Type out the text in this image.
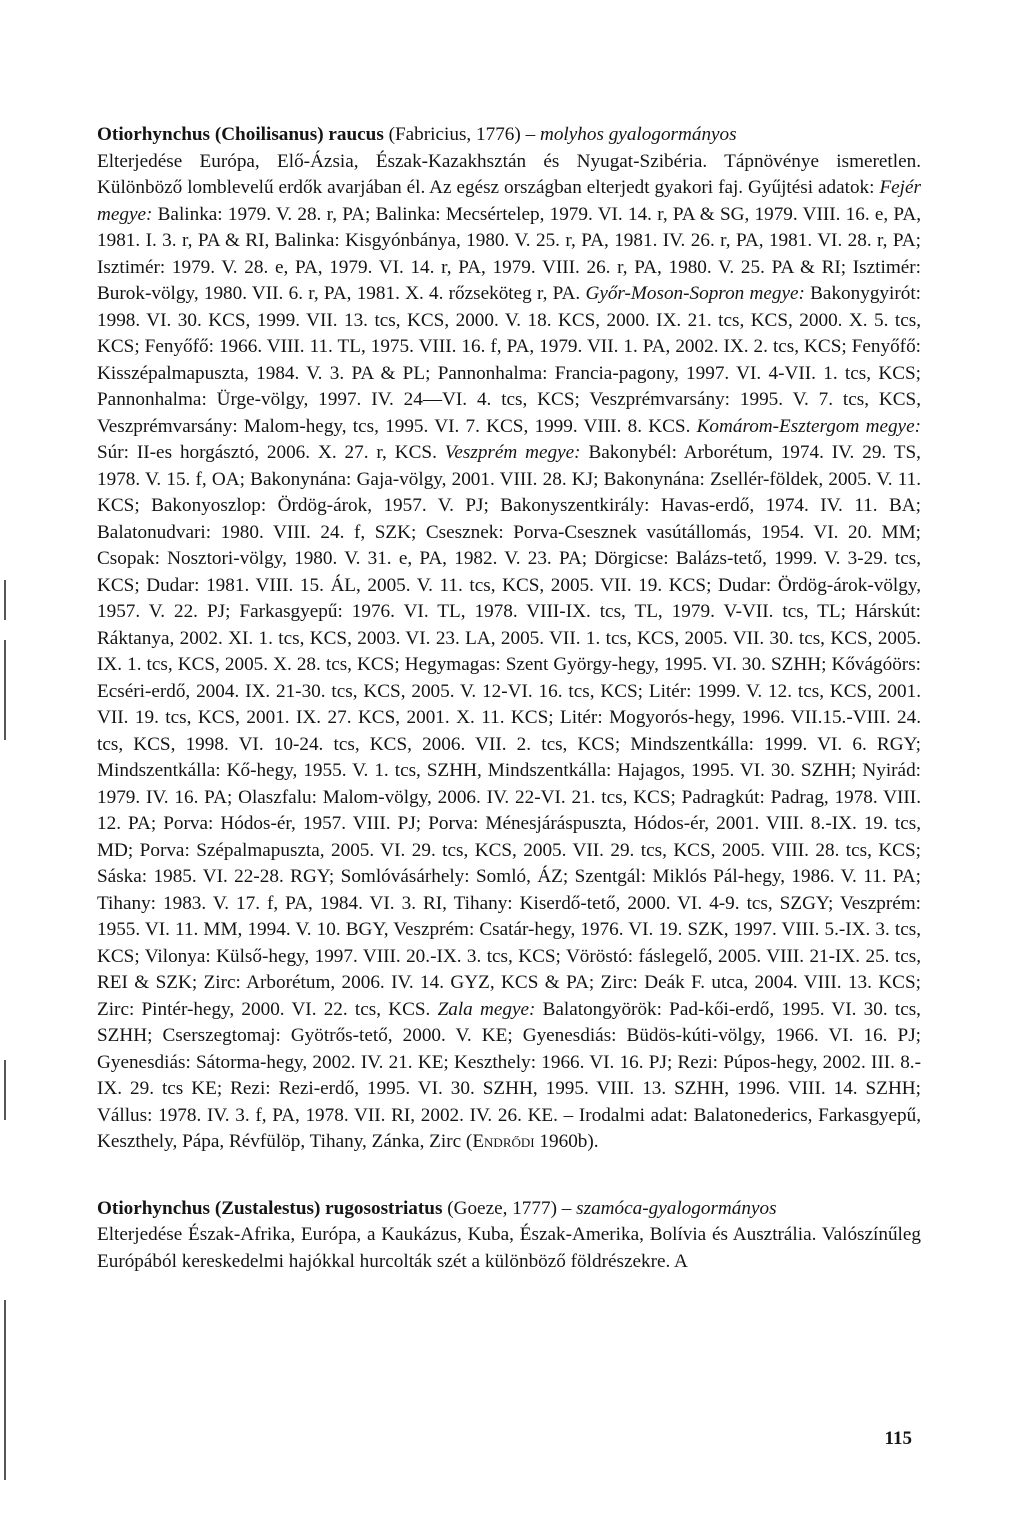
Otiorhynchus (Choilisanus) raucus (Fabricius, 1776) – molyhos gyalogormányos

Elterjedése Európa, Elő-Ázsia, Észak-Kazakhsztán és Nyugat-Szibéria. Tápnövénye ismeretlen. Különböző lomblevelű erdők avarjában él. Az egész országban elterjedt gyakori faj. Gyűjtési adatok: Fejér megye: Balinka: 1979. V. 28. r, PA; Balinka: Mecsértelep, 1979. VI. 14. r, PA & SG, 1979. VIII. 16. e, PA, 1981. I. 3. r, PA & RI, Balinka: Kisgyónbánya, 1980. V. 25. r, PA, 1981. IV. 26. r, PA, 1981. VI. 28. r, PA; Isztimér: 1979. V. 28. e, PA, 1979. VI. 14. r, PA, 1979. VIII. 26. r, PA, 1980. V. 25. PA & RI; Isztimér: Burok-völgy, 1980. VII. 6. r, PA, 1981. X. 4. rőzseköteg r, PA. Győr-Moson-Sopron megye: Bakonygyirót: 1998. VI. 30. KCS, 1999. VII. 13. tcs, KCS, 2000. V. 18. KCS, 2000. IX. 21. tcs, KCS, 2000. X. 5. tcs, KCS; Fenyőfő: 1966. VIII. 11. TL, 1975. VIII. 16. f, PA, 1979. VII. 1. PA, 2002. IX. 2. tcs, KCS; Fenyőfő: Kisszépalmapuszta, 1984. V. 3. PA & PL; Pannonhalma: Francia-pagony, 1997. VI. 4-VII. 1. tcs, KCS; Pannonhalma: Ürge-völgy, 1997. IV. 24—VI. 4. tcs, KCS; Veszprémvarsány: 1995. V. 7. tcs, KCS, Veszprémvarsány: Malom-hegy, tcs, 1995. VI. 7. KCS, 1999. VIII. 8. KCS. Komárom-Esztergom megye: Súr: II-es horgásztó, 2006. X. 27. r, KCS. Veszprém megye: Bakonybél: Arborétum, 1974. IV. 29. TS, 1978. V. 15. f, OA; Bakonynána: Gaja-völgy, 2001. VIII. 28. KJ; Bakonynána: Zsellér-földek, 2005. V. 11. KCS; Bakonyoszlop: Ördög-árok, 1957. V. PJ; Bakonyszentkirály: Havas-erdő, 1974. IV. 11. BA; Balatonudvari: 1980. VIII. 24. f, SZK; Csesznek: Porva-Csesznek vasútállomás, 1954. VI. 20. MM; Csopak: Nosztori-völgy, 1980. V. 31. e, PA, 1982. V. 23. PA; Dörgicse: Balázs-tető, 1999. V. 3-29. tcs, KCS; Dudar: 1981. VIII. 15. ÁL, 2005. V. 11. tcs, KCS, 2005. VII. 19. KCS; Dudar: Ördög-árok-völgy, 1957. V. 22. PJ; Farkasgyepű: 1976. VI. TL, 1978. VIII-IX. tcs, TL, 1979. V-VII. tcs, TL; Hárskút: Ráktanya, 2002. XI. 1. tcs, KCS, 2003. VI. 23. LA, 2005. VII. 1. tcs, KCS, 2005. VII. 30. tcs, KCS, 2005. IX. 1. tcs, KCS, 2005. X. 28. tcs, KCS; Hegymagas: Szent György-hegy, 1995. VI. 30. SZHH; Kővágóörs: Ecséri-erdő, 2004. IX. 21-30. tcs, KCS, 2005. V. 12-VI. 16. tcs, KCS; Litér: 1999. V. 12. tcs, KCS, 2001. VII. 19. tcs, KCS, 2001. IX. 27. KCS, 2001. X. 11. KCS; Litér: Mogyorós-hegy, 1996. VII.15.-VIII. 24. tcs, KCS, 1998. VI. 10-24. tcs, KCS, 2006. VII. 2. tcs, KCS; Mindszentkálla: 1999. VI. 6. RGY; Mindszentkálla: Kő-hegy, 1955. V. 1. tcs, SZHH, Mindszentkálla: Hajagos, 1995. VI. 30. SZHH; Nyirád: 1979. IV. 16. PA; Olaszfalu: Malom-völgy, 2006. IV. 22-VI. 21. tcs, KCS; Padragkút: Padrag, 1978. VIII. 12. PA; Porva: Hódos-ér, 1957. VIII. PJ; Porva: Ménesjáráspuszta, Hódos-ér, 2001. VIII. 8.-IX. 19. tcs, MD; Porva: Szépalmapuszta, 2005. VI. 29. tcs, KCS, 2005. VII. 29. tcs, KCS, 2005. VIII. 28. tcs, KCS; Sáska: 1985. VI. 22-28. RGY; Somlóvásárhely: Somló, ÁZ; Szentgál: Miklós Pál-hegy, 1986. V. 11. PA; Tihany: 1983. V. 17. f, PA, 1984. VI. 3. RI, Tihany: Kiserdő-tető, 2000. VI. 4-9. tcs, SZGY; Veszprém: 1955. VI. 11. MM, 1994. V. 10. BGY, Veszprém: Csatár-hegy, 1976. VI. 19. SZK, 1997. VIII. 5.-IX. 3. tcs, KCS; Vilonya: Külső-hegy, 1997. VIII. 20.-IX. 3. tcs, KCS; Vöröstó: fáslegelő, 2005. VIII. 21-IX. 25. tcs, REI & SZK; Zirc: Arborétum, 2006. IV. 14. GYZ, KCS & PA; Zirc: Deák F. utca, 2004. VIII. 13. KCS; Zirc: Pintér-hegy, 2000. VI. 22. tcs, KCS. Zala megye: Balatongyörök: Pad-kői-erdő, 1995. VI. 30. tcs, SZHH; Cserszegtomaj: Gyötrős-tető, 2000. V. KE; Gyenesdiás: Büdös-kúti-völgy, 1966. VI. 16. PJ; Gyenesdiás: Sátorma-hegy, 2002. IV. 21. KE; Keszthely: 1966. VI. 16. PJ; Rezi: Púpos-hegy, 2002. III. 8.-IX. 29. tcs KE; Rezi: Rezi-erdő, 1995. VI. 30. SZHH, 1995. VIII. 13. SZHH, 1996. VIII. 14. SZHH; Vállus: 1978. IV. 3. f, PA, 1978. VII. RI, 2002. IV. 26. KE. – Irodalmi adat: Balatonederics, Farkasgyepű, Keszthely, Pápa, Révfülöp, Tihany, Zánka, Zirc (Endrődi 1960b).

Otiorhynchus (Zustalestus) rugosostriatus (Goeze, 1777) – szamóca-gyalogormányos

Elterjedése Észak-Afrika, Európa, a Kaukázus, Kuba, Észak-Amerika, Bolívia és Ausztrália. Valószínűleg Európából kereskedelmi hajókkal hurcolták szét a különböző földrészekre. A

115
